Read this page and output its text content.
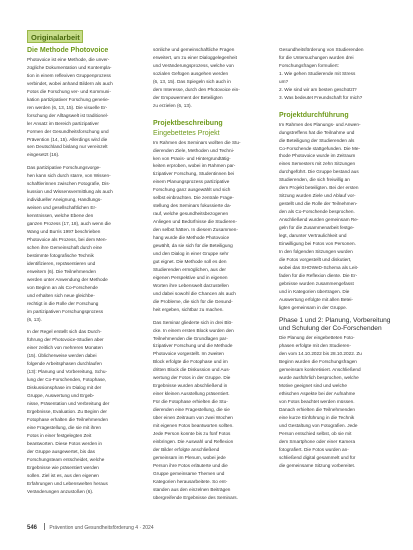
Originalarbeit
Die Methode Photovoice
Photovoice ist eine Methode, die unver-
zügliche Dokumentation und Kontempla-
tion in einem reflexiven Gruppenprozess
verbindet, wobei anhand Bildern als auch
Fotos die Forschung ver- und Kommuni-
kation partizipativer Forschung generie-
ren werden (6, 13, 15). Die visuelle Er-
forschung der Alltagswelt ist traditionel-
ler Ansatz im Bereich partizipativer
Formen der Gesundheitsforschung und
Prävention (14, 15). Allerdings wird die
sen Deutschland bislang nur vereinzelt
eingesetzt (16).
Das partizipative Forschungsvorge-
hen kann sich durch starre, von Wissen-
schaftlerinnen zwischen Fotografie, Dis-
kussion und Wissensvermittlung als auch
individueller Aneignung, Handlungs-
weisen und gesellschaftlichen Er-
kenntnissen, welche Ebene den
ganzen Prozess (17, 18), auch wenn die
Wang und Burris 1997 beschrieben
Photovoice als Prozess, bei dem Men-
schen ihre Gemeinschaft durch eine
bestimmte fotografische Technik
identifizieren, repräsentieren und
erweitern (6). Die Teilnehmenden
werden unter Anwendung der Methode
von Beginn an als Co-Forschende
und erhalten sich neue gleichbe-
rechtigt in die Rolle der Forschung
im partizipativen Forschungsprozess
(6, 13).
In der Regel erstellt sich das Durch-
führung der Photovoice-Studien aber
einer zeitlich von mehreren Monaten
(15). Üblicherweise werden dabei
folgende Arbeitsphasen durchlaufen
(13): Planung und Vorbereitung, Schu-
lung der Co-Forschenden, Fotophase,
Diskussionsphase im Dialog mit der
Gruppe, Auswertung und Ergeb-
nisse, Präsentation und Verbreitung der
Ergebnisse, Evaluation. Zu Beginn der
Fotophase erhalten die Teilnehmenden
eine Fragestellung, die sie mit ihren
Fotos in einer festgelegten Zeit
beantworten. Diese Fotos werden in
der Gruppe ausgewertet, bis das
Forschungsteam entscheidet, welche
Ergebnisse wie präsentiert werden
sollen. Ziel ist es, aus den eigenen
Erfahrungen und Lebenswelten heraus
Veränderungen anzustoßen (6).
sönliche und gemeinschaftliche Fragen
erweitert, um zu einer Dialoggelegenheit
und Veränderungsprozess, welche von
sozialen Gefügen ausgehen werden
(6, 13, 15). Das Spiegeln sich auch in
dem Interesse, durch den Photovoice ein-
der Empowerment der Beteiligten
zu erzielen (6, 13).
Projektbeschreibung
Eingebettetes Projekt
Im Rahmen des Seminars wollten die Stu-
dierenden Ziele, Methoden und Techni-
ken von Praxis- und Hintergrundtätig-
keiten erproben, wobei im Rahmen par-
tizipativer Forschung, Studentinnen bei
einem Planungsprozess partizipative
Forschung ganz ausgewählt und sich
selbst einbrachten. Die zentrale Frage-
stellung des Seminars fokussierte da-
rauf, welche gesundheitsbezogenen
Anliegen und Bedürfnisse die Studieren-
den selbst hätten. In diesem Zusammen-
hang wurde die Methode Photovoice
gewählt, da sie sich für die Beteiligung
und den Dialog in einer Gruppe sehr
gut eignet. Die Methode soll es den
Studierenden ermöglichen, aus der
eigenen Perspektive und in eigenen
Worten ihre Lebenswelt darzustellen
und dabei sowohl die Chancen als auch
die Probleme, die sich für die Gesund-
heit ergeben, sichtbar zu machen.
Das Seminar gliederte sich in drei Blö-
cke. In einem ersten Block wurden den
Teilnehmenden die Grundlagen par-
tizipativer Forschung und die Methode
Photovoice vorgestellt. Im zweiten
Block erfolgte die Fotophase und im
dritten Block die Diskussion und Aus-
wertung der Fotos in der Gruppe. Die
Ergebnisse wurden abschließend in
einer kleinen Ausstellung präsentiert.
Für die Fotophase erhielten die Stu-
dierenden eine Fragestellung, die sie
über einen Zeitraum von zwei Wochen
mit eigenen Fotos beantworten sollten.
Jede Person konnte bis zu fünf Fotos
einbringen. Die Auswahl und Reflexion
der Bilder erfolgte anschließend
gemeinsam im Plenum, wobei jede
Person ihre Fotos erläuterte und die
Gruppe gemeinsame Themen und
Kategorien herausarbeitete. So ent-
standen aus den einzelnen Beiträgen
übergreifende Ergebnisse des Seminars.
Gesundheitsförderung von Studierenden
für die Untersuchungen wurden drei
Forschungsfragen formuliert:
1. Wie gehen Studierende mit Stress
um?
2. Wie sind wir am besten geschützt?
3. Was bedeutet Freundschaft für mich?
Projektdurchführung
Im Rahmen des Planungs- und Anwen-
dungstreffens hat die Teilnahme und
die Beteiligung der Studierenden als
Co-Forschende stattgefunden. Die Me-
thode Photovoice wurde im Zeitraum
eines Semesters mit zehn Sitzungen
durchgeführt. Die Gruppe bestand aus
Studierenden, die sich freiwillig an
dem Projekt beteiligten. Bei der ersten
Sitzung wurden Ziele und Ablauf vor-
gestellt und die Rolle der Teilnehmen-
den als Co-Forschende besprochen.
Anschließend wurden gemeinsam Re-
geln für die Zusammenarbeit festge-
legt, darunter Vertraulichkeit und
Einwilligung bei Fotos von Personen.
In den folgenden Sitzungen wurden
die Fotos vorgestellt und diskutiert,
wobei das SHOWeD-Schema als Leit-
faden für die Reflexion diente. Die Er-
gebnisse wurden zusammengefasst
und in Kategorien übertragen. Die
Auswertung erfolgte mit allen Betei-
ligten gemeinsam in der Gruppe.
Phase 1 und 2: Planung, Vorbereitung und Schulung der Co-Forschenden
Die Planung der eingebetteten Foto-
phasen erfolgte mit den Studieren-
den vom 14.10.2022 bis 28.10.2022. Zu
Beginn wurden die Forschungsfragen
gemeinsam konkretisiert. Anschließend
wurde ausführlich besprochen, welche
Motive geeignet sind und welche
ethischen Aspekte bei der Aufnahme
von Fotos beachtet werden müssen.
Danach erhielten die Teilnehmenden
eine kurze Einführung in die Technik
und Gestaltung von Fotografien. Jede
Person entschied selbst, ob sie mit
dem Smartphone oder einer Kamera
fotografiert. Die Fotos wurden an-
schließend digital gesammelt und für
die gemeinsame Sitzung vorbereitet.
546 Prävention und Gesundheitsförderung 4 · 2024
